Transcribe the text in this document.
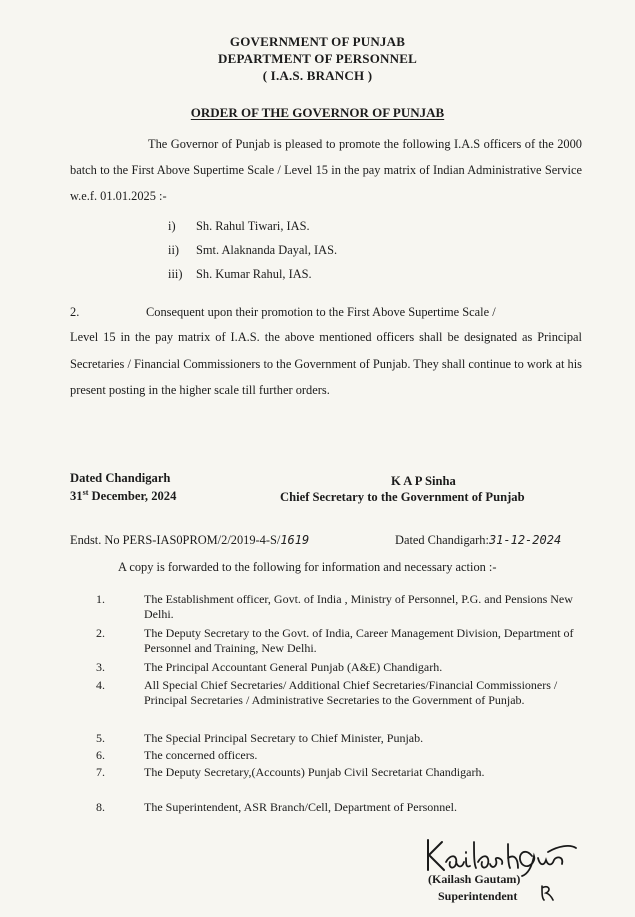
GOVERNMENT OF PUNJAB
DEPARTMENT OF PERSONNEL
( I.A.S. BRANCH )
ORDER OF THE GOVERNOR OF PUNJAB
The Governor of Punjab is pleased to promote the following I.A.S officers of the 2000 batch to the First Above Supertime Scale / Level 15 in the pay matrix of Indian Administrative Service w.e.f. 01.01.2025 :-
i)	Sh. Rahul Tiwari, IAS.
ii)	Smt. Alaknanda Dayal, IAS.
iii)	Sh. Kumar Rahul, IAS.
2.	Consequent upon their promotion to the First Above Supertime Scale /
Level 15 in the pay matrix of I.A.S. the above mentioned officers shall be designated as Principal Secretaries / Financial Commissioners to the Government of Punjab. They shall continue to work at his present posting in the higher scale till further orders.
Dated Chandigarh
31st December, 2024
K A P Sinha
Chief Secretary to the Government of Punjab
Endst. No PERS-IAS0PROM/2/2019-4-S/1619	Dated Chandigarh:31-12-2024
A copy is forwarded to the following for information and necessary action :-
1.	The Establishment officer, Govt. of India , Ministry of Personnel, P.G. and Pensions New Delhi.
2.	The Deputy Secretary to the Govt. of India, Career Management Division, Department of Personnel and Training, New Delhi.
3.	The Principal Accountant General Punjab (A&E) Chandigarh.
4.	All Special Chief Secretaries/ Additional Chief Secretaries/Financial Commissioners / Principal Secretaries / Administrative Secretaries to the Government of Punjab.
5.	The Special Principal Secretary to Chief Minister, Punjab.
6.	The concerned officers.
7.	The Deputy Secretary,(Accounts) Punjab Civil Secretariat Chandigarh.
8.	The Superintendent, ASR Branch/Cell, Department of Personnel.
(Kailash Gautam)
Superintendent
